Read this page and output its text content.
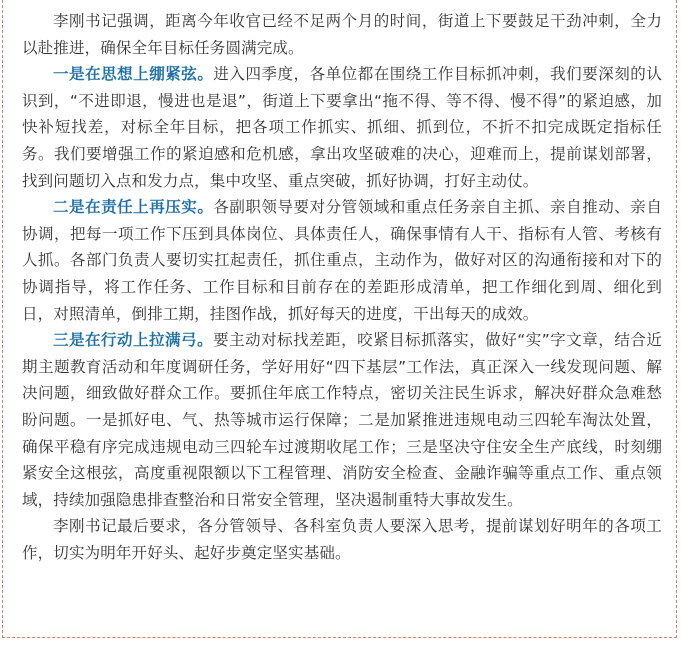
李刚书记强调，距离今年收官已经不足两个月的时间，街道上下要鼓足干劲冲刺，全力以赴推进，确保全年目标任务圆满完成。

一是在思想上绷紧弦。进入四季度，各单位都在围绕工作目标抓冲刺，我们要深刻的认识到，“不进即退，慢进也是退”，街道上下要拿出“拖不得、等不得、慢不得”的紧迫感，加快补短找差，对标全年目标，把各项工作抓实、抓细、抓到位，不折不扣完成既定指标任务。我们要增强工作的紧迫感和危机感，拿出攻坚破难的决心，迎难而上，提前谋划部署，找到问题切入点和发力点，集中攻坚、重点突破，抓好协调，打好主动仗。

二是在责任上再压实。各副职领导要对分管领域和重点任务亲自主抓、亲自推动、亲自协调，把每一项工作下压到具体岗位、具体责任人，确保事情有人干、指标有人管、考核有人抓。各部门负责人要切实扛起责任，抓住重点，主动作为，做好对区的沟通衔接和对下的协调指导，将工作任务、工作目标和目前存在的差距形成清单，把工作细化到周、细化到日，对照清单，倒排工期，挂图作战，抓好每天的进度，干出每天的成效。

三是在行动上拉满弓。要主动对标找差距，咬紧目标抓落实，做好“实”字文章，结合近期主题教育活动和年度调研任务，学好用好“四下基层”工作法，真正深入一线发现问题、解决问题，细致做好群众工作。要抓住年底工作特点，密切关注民生诉求，解决好群众急难愁盼问题。一是抓好电、气、热等城市运行保障；二是加紧推进违规电动三四轮车淘汰处置，确保平稳有序完成违规电动三四轮车过渡期收尾工作；三是坚决守住安全生产底线，时刻绷紧安全这根弦，高度重视限额以下工程管理、消防安全检查、金融诈骗等重点工作、重点领域，持续加强隐患排查整治和日常安全管理，坚决遏制重特大事故发生。

李刚书记最后要求，各分管领导、各科室负责人要深入思考，提前谋划好明年的各项工作，切实为明年开好头、起好步奠定坚实基础。
